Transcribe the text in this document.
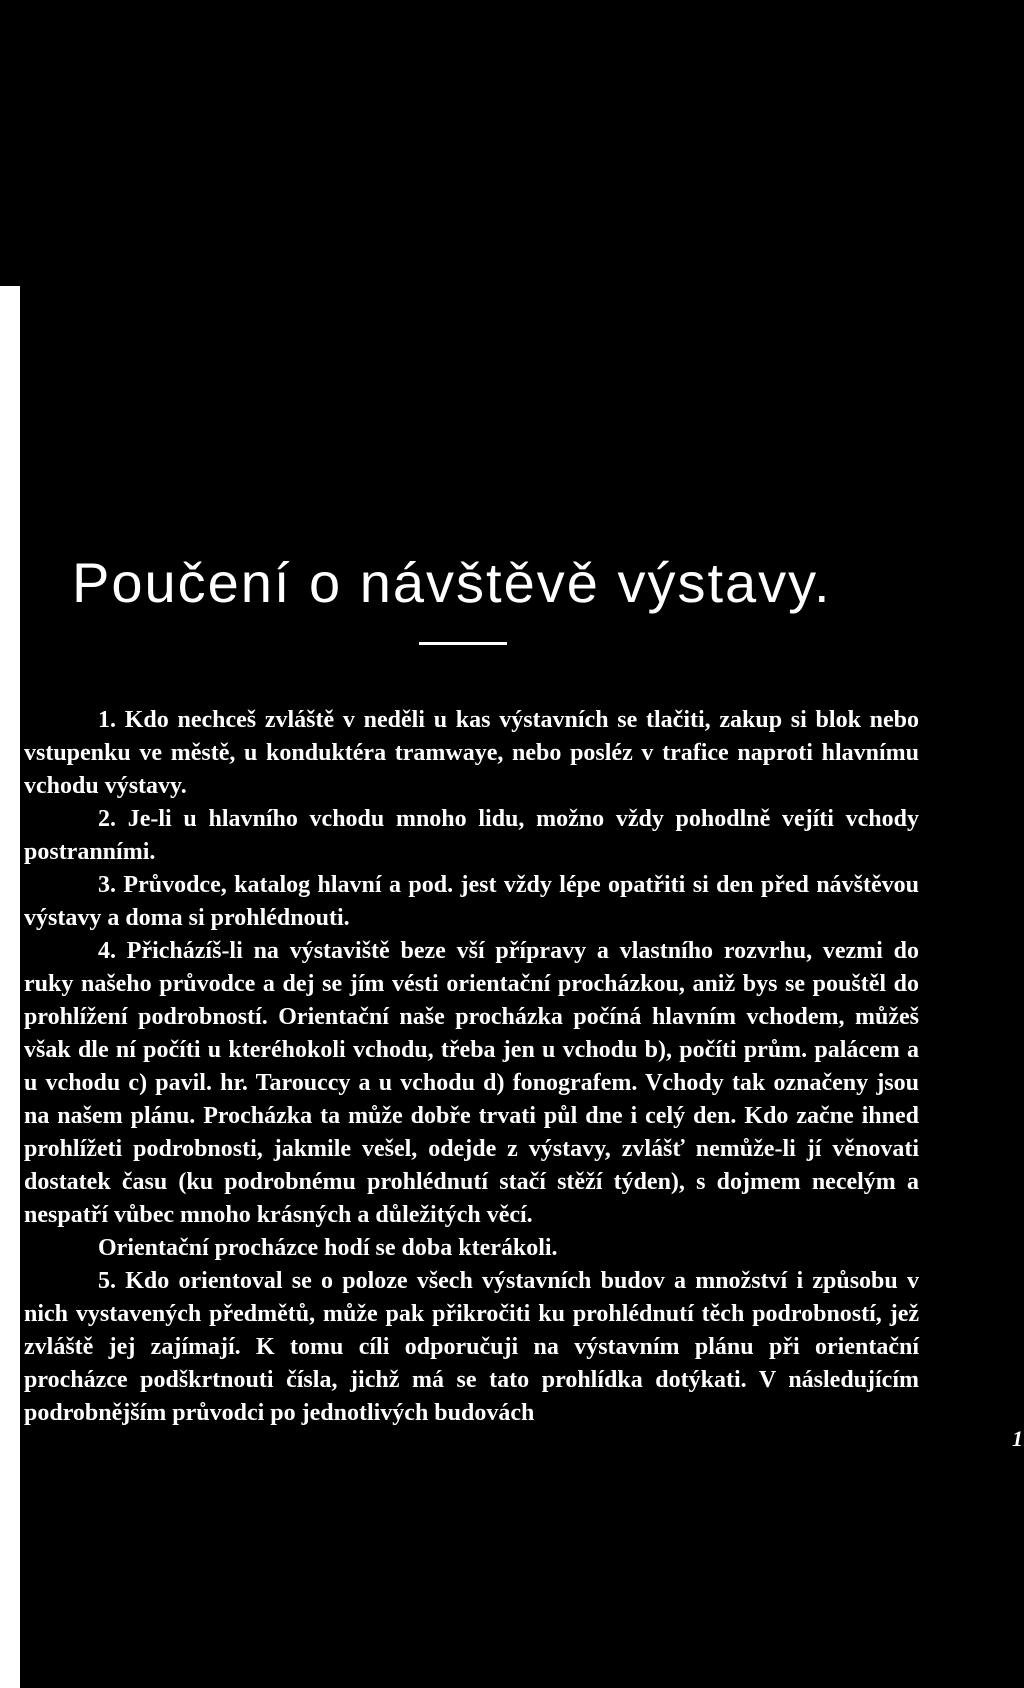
Poučení o návštěvě výstavy.

1. Kdo nechceš zvláště v neděli u kas výstavních se tlačiti, zakup si blok nebo vstupenku ve městě, u konduktéra tramwaye, nebo posléz v trafice naproti hlavnímu vchodu výstavy.

2. Je-li u hlavního vchodu mnoho lidu, možno vždy pohodlně vejíti vchody postranními.

3. Průvodce, katalog hlavní a pod. jest vždy lépe opatřiti si den před návštěvou výstavy a doma si prohlédnouti.

4. Přicházíš-li na výstaviště beze vší přípravy a vlastního rozvrhu, vezmi do ruky našeho průvodce a dej se jím vésti orientační procházkou, aniž bys se pouštěl do prohlížení podrobností. Orientační naše procházka počíná hlavním vchodem, můžeš však dle ní počíti u kteréhokoli vchodu, třeba jen u vchodu b), počíti prům. palácem a u vchodu c) pavil. hr. Tarouccy a u vchodu d) fonografem. Vchody tak označeny jsou na našem plánu. Procházka ta může dobře trvati půl dne i celý den. Kdo začne ihned prohlížeti podrobnosti, jakmile vešel, odejde z výstavy, zvlášť nemůže-li jí věnovati dostatek času (ku podrobnému prohlédnutí stačí stěží týden), s dojmem necelým a nespatří vůbec mnoho krásných a důležitých věcí.

Orientační procházce hodí se doba kterákoli.

5. Kdo orientoval se o poloze všech výstavních budov a množství i způsobu v nich vystavených předmětů, může pak přikročiti ku prohlédnutí těch podrobností, jež zvláště jej zajímají. K tomu cíli odporučuji na výstavním plánu při orientační procházce podškrtnouti čísla, jichž má se tato prohlídka dotýkati. V následujícím podrobnějším průvodci po jednotlivých budovách

1
